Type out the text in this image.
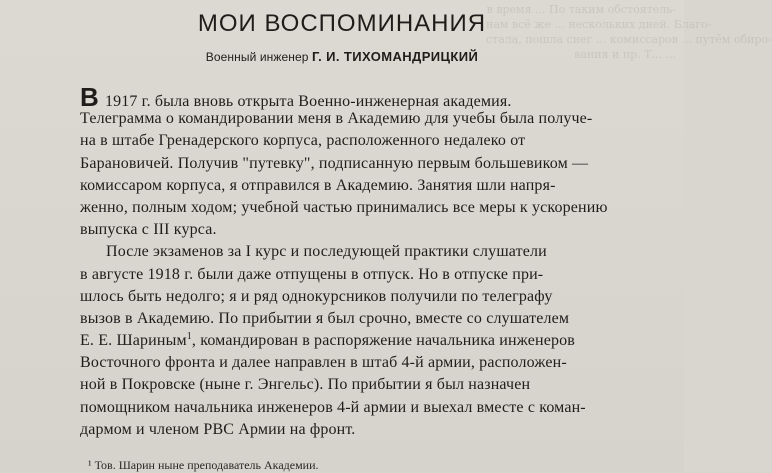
в время ... По таким обстоятель-
нам всё же ... нескольких дней. Благо-
стала, пошла снег ... комиссаров ... путём обиро-
вания и пр. Т... ...
МОИ ВОСПОМИНАНИЯ
Военный инженер Г. И. ТИХОМАНДРИЦКИЙ
В 1917 г. была вновь открыта Военно-инженерная академия.
Телеграмма о командировании меня в Академию для учебы была получе-
на в штабе Гренадерского корпуса, расположенного недалеко от
Барановичей. Получив "путевку", подписанную первым большевиком —
комиссаром корпуса, я отправился в Академию. Занятия шли напря-
женно, полным ходом; учебной частью принимались все меры к ускорению
выпуска с III курса.
После экзаменов за I курс и последующей практики слушатели
в августе 1918 г. были даже отпущены в отпуск. Но в отпуске при-
шлось быть недолго; я и ряд однокурсников получили по телеграфу
вызов в Академию. По прибытии я был срочно, вместе со слушателем
Е. Е. Шариным$^1$, командирован в распоряжение начальника инженеров
Восточного фронта и далее направлен в штаб 4-й армии, расположен-
ной в Покровске (ныне г. Энгельс). По прибытии я был назначен
помощником начальника инженеров 4-й армии и выехал вместе с коман-
дармом и членом РВС Армии на фронт.
¹ Тов. Шарин ныне преподаватель Академии.
